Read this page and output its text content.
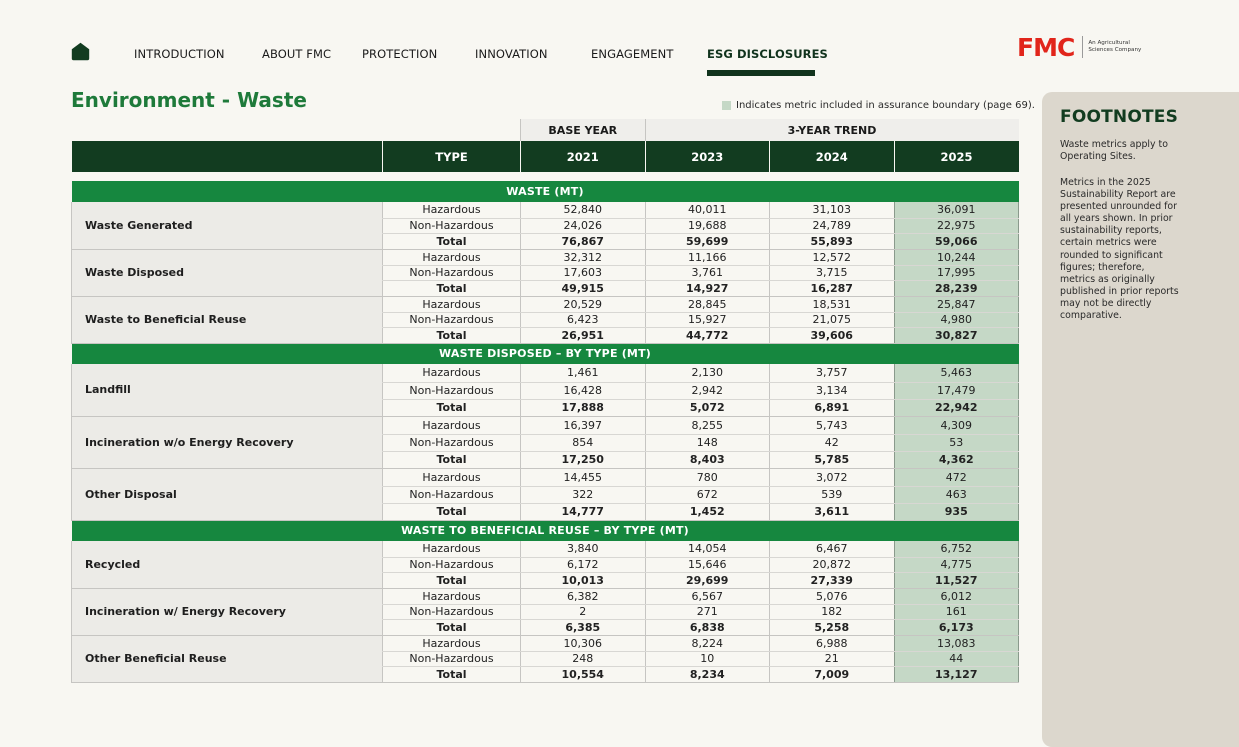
INTRODUCTION	ABOUT FMC	PROTECTION	INNOVATION	ENGAGEMENT	ESG DISCLOSURES	FMC	An Agricultural Sciences Company
Environment - Waste	Indicates metric included in assurance boundary (page 69).
		BASE YEAR	3-YEAR TREND		
	TYPE	2021	2023	2024	2025

WASTE (MT)					
Waste Generated	Hazardous	52,840	40,011	31,103	36,091
	Non-Hazardous	24,026	19,688	24,789	22,975
	Total	76,867	59,699	55,893	59,066
Waste Disposed	Hazardous	32,312	11,166	12,572	10,244
	Non-Hazardous	17,603	3,761	3,715	17,995
	Total	49,915	14,927	16,287	28,239
Waste to Beneficial Reuse	Hazardous	20,529	28,845	18,531	25,847
	Non-Hazardous	6,423	15,927	21,075	4,980
	Total	26,951	44,772	39,606	30,827
WASTE DISPOSED – BY TYPE (MT)					
Landfill	Hazardous	1,461	2,130	3,757	5,463
	Non-Hazardous	16,428	2,942	3,134	17,479
	Total	17,888	5,072	6,891	22,942
Incineration w/o Energy Recovery	Hazardous	16,397	8,255	5,743	4,309
	Non-Hazardous	854	148	42	53
	Total	17,250	8,403	5,785	4,362
Other Disposal	Hazardous	14,455	780	3,072	472
	Non-Hazardous	322	672	539	463
	Total	14,777	1,452	3,611	935
WASTE TO BENEFICIAL REUSE – BY TYPE (MT)					
Recycled	Hazardous	3,840	14,054	6,467	6,752
	Non-Hazardous	6,172	15,646	20,872	4,775
	Total	10,013	29,699	27,339	11,527
Incineration w/ Energy Recovery	Hazardous	6,382	6,567	5,076	6,012
	Non-Hazardous	2	271	182	161
	Total	6,385	6,838	5,258	6,173
Other Beneficial Reuse	Hazardous	10,306	8,224	6,988	13,083
	Non-Hazardous	248	10	21	44
	Total	10,554	8,234	7,009	13,127
FOOTNOTES
Waste metrics apply to Operating Sites.
Metrics in the 2025 Sustainability Report are presented unrounded for all years shown. In prior sustainability reports, certain metrics were rounded to significant figures; therefore, metrics as originally published in prior reports may not be directly comparative.
